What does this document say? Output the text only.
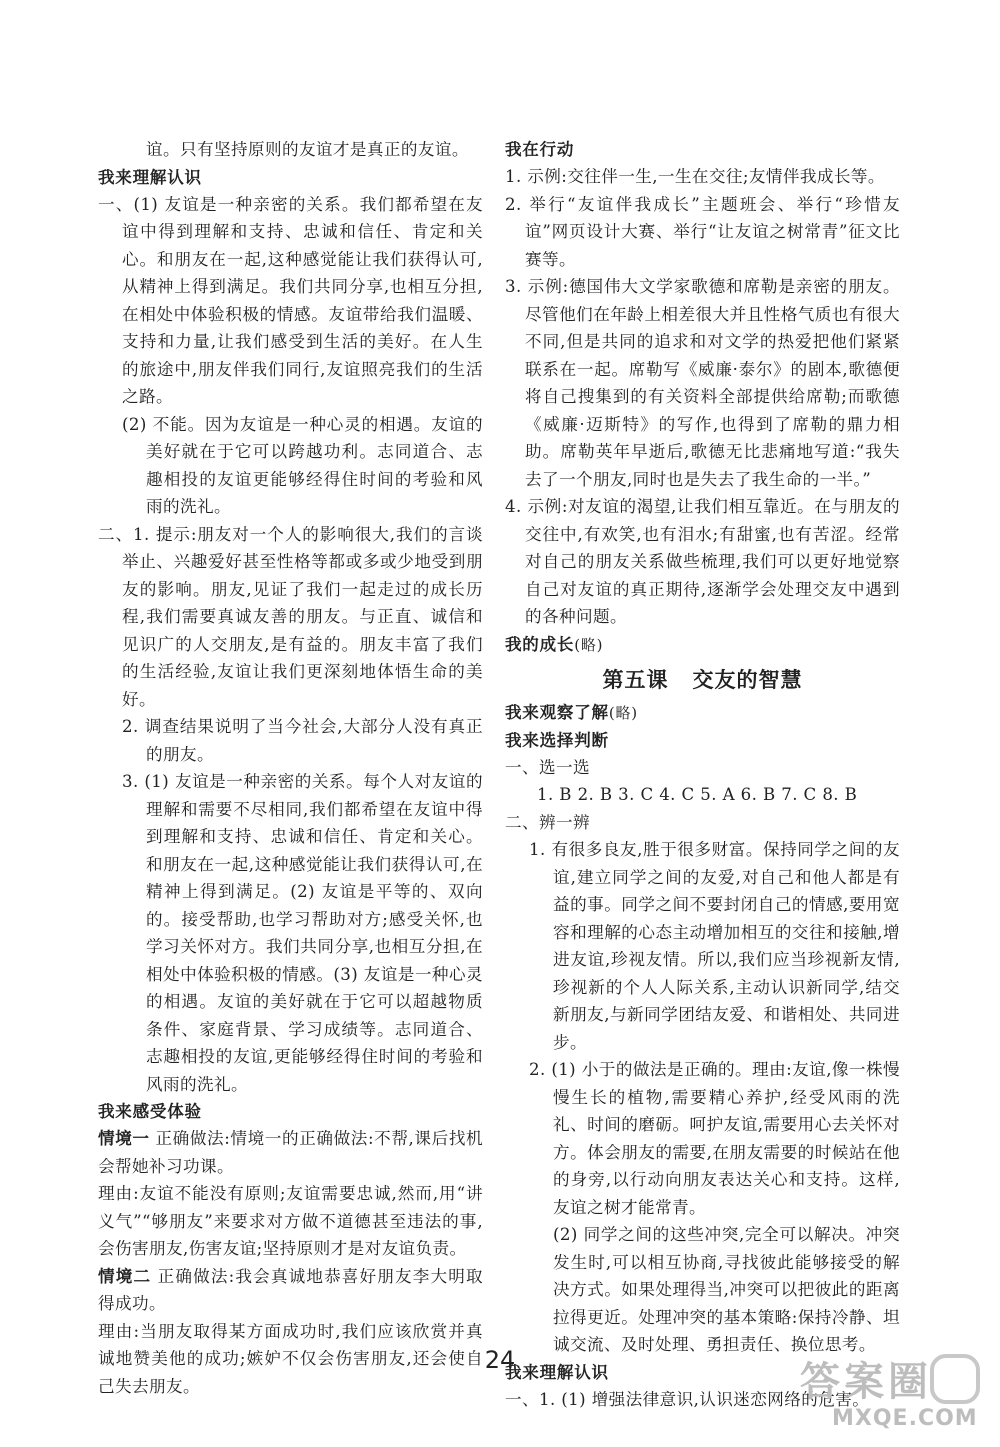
谊。只有坚持原则的友谊才是真正的友谊。

我来理解认识

一、(1) 友谊是一种亲密的关系。我们都希望在友谊中得到理解和支持、忠诚和信任、肯定和关心。和朋友在一起,这种感觉能让我们获得认可,从精神上得到满足。我们共同分享,也相互分担,在相处中体验积极的情感。友谊带给我们温暖、支持和力量,让我们感受到生活的美好。在人生的旅途中,朋友伴我们同行,友谊照亮我们的生活之路。

(2) 不能。因为友谊是一种心灵的相遇。友谊的美好就在于它可以跨越功利。志同道合、志趣相投的友谊更能够经得住时间的考验和风雨的洗礼。

二、1. 提示:朋友对一个人的影响很大,我们的言谈举止、兴趣爱好甚至性格等都或多或少地受到朋友的影响。朋友,见证了我们一起走过的成长历程,我们需要真诚友善的朋友。与正直、诚信和见识广的人交朋友,是有益的。朋友丰富了我们的生活经验,友谊让我们更深刻地体悟生命的美好。

2. 调查结果说明了当今社会,大部分人没有真正的朋友。

3. (1) 友谊是一种亲密的关系。每个人对友谊的理解和需要不尽相同,我们都希望在友谊中得到理解和支持、忠诚和信任、肯定和关心。和朋友在一起,这种感觉能让我们获得认可,在精神上得到满足。(2) 友谊是平等的、双向的。接受帮助,也学习帮助对方;感受关怀,也学习关怀对方。我们共同分享,也相互分担,在相处中体验积极的情感。(3) 友谊是一种心灵的相遇。友谊的美好就在于它可以超越物质条件、家庭背景、学习成绩等。志同道合、志趣相投的友谊,更能够经得住时间的考验和风雨的洗礼。

我来感受体验

情境一 正确做法:情境一的正确做法:不帮,课后找机会帮她补习功课。

理由:友谊不能没有原则;友谊需要忠诚,然而,用“讲义气”“够朋友”来要求对方做不道德甚至违法的事,会伤害朋友,伤害友谊;坚持原则才是对友谊负责。

情境二 正确做法:我会真诚地恭喜好朋友李大明取得成功。

理由:当朋友取得某方面成功时,我们应该欣赏并真诚地赞美他的成功;嫉妒不仅会伤害朋友,还会使自己失去朋友。

我在行动

1. 示例:交往伴一生,一生在交往;友情伴我成长等。

2. 举行“友谊伴我成长”主题班会、举行“珍惜友谊”网页设计大赛、举行“让友谊之树常青”征文比赛等。

3. 示例:德国伟大文学家歌德和席勒是亲密的朋友。尽管他们在年龄上相差很大并且性格气质也有很大不同,但是共同的追求和对文学的热爱把他们紧紧联系在一起。席勒写《威廉·泰尔》的剧本,歌德便将自己搜集到的有关资料全部提供给席勒;而歌德《威廉·迈斯特》的写作,也得到了席勒的鼎力相助。席勒英年早逝后,歌德无比悲痛地写道:“我失去了一个朋友,同时也是失去了我生命的一半。”

4. 示例:对友谊的渴望,让我们相互靠近。在与朋友的交往中,有欢笑,也有泪水;有甜蜜,也有苦涩。经常对自己的朋友关系做些梳理,我们可以更好地觉察自己对友谊的真正期待,逐渐学会处理交友中遇到的各种问题。

我的成长(略)

第五课 交友的智慧

我来观察了解(略)

我来选择判断

一、选一选

1. B 2. B 3. C 4. C 5. A 6. B 7. C 8. B

二、辨一辨

1. 有很多良友,胜于很多财富。保持同学之间的友谊,建立同学之间的友爱,对自己和他人都是有益的事。同学之间不要封闭自己的情感,要用宽容和理解的心态主动增加相互的交往和接触,增进友谊,珍视友情。所以,我们应当珍视新友情,珍视新的个人人际关系,主动认识新同学,结交新朋友,与新同学团结友爱、和谐相处、共同进步。

2. (1) 小于的做法是正确的。理由:友谊,像一株慢慢生长的植物,需要精心养护,经受风雨的洗礼、时间的磨砺。呵护友谊,需要用心去关怀对方。体会朋友的需要,在朋友需要的时候站在他的身旁,以行动向朋友表达关心和支持。这样,友谊之树才能常青。

(2) 同学之间的这些冲突,完全可以解决。冲突发生时,可以相互协商,寻找彼此能够接受的解决方式。如果处理得当,冲突可以把彼此的距离拉得更近。处理冲突的基本策略:保持冷静、坦诚交流、及时处理、勇担责任、换位思考。

我来理解认识

一、1. (1) 增强法律意识,认识迷恋网络的危害。

24	答案圈
MXQE.COM
